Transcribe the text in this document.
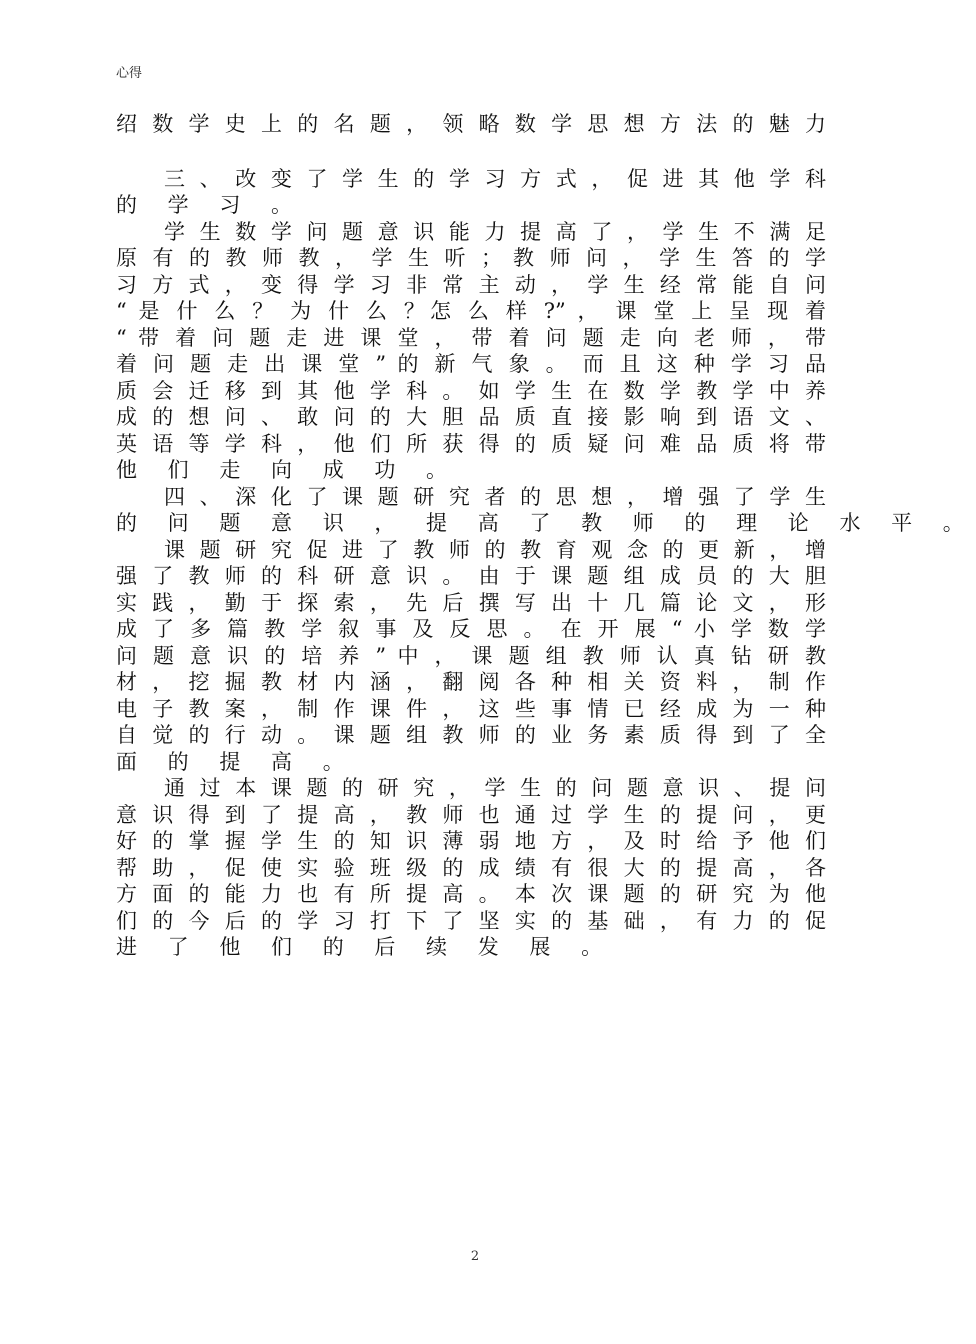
心得
绍 数 学 史 上 的 名 题 ， 领 略 数 学 思 想 方 法 的 魅 力
三 、 改 变 了 学 生 的 学 习 方 式 ， 促 进 其 他 学 科
的 学 习 。
学 生 数 学 问 题 意 识 能 力 提 高 了 ， 学 生 不 满 足
原 有 的 教 师 教 ， 学 生 听 ； 教 师 问 ， 学 生 答 的 学
习 方 式 ， 变 得 学 习 非 常 主 动 ， 学 生 经 常 能 自 问
“ 是 什 么 ？ 为 什 么 ？怎 么 样 ?” ， 课 堂 上 呈 现 着
“ 带 着 问 题 走 进 课 堂 ， 带 着 问 题 走 向 老 师 ， 带
着 问 题 走 出 课 堂 ” 的 新 气 象 。 而 且 这 种 学 习 品
质 会 迁 移 到 其 他 学 科 。 如 学 生 在 数 学 教 学 中 养
成 的 想 问 、 敢 问 的 大 胆 品 质 直 接 影 响 到 语 文 、
英 语 等 学 科 ， 他 们 所 获 得 的 质 疑 问 难 品 质 将 带
他 们 走 向 成 功 。
四 、 深 化 了 课 题 研 究 者 的 思 想 ， 增 强 了 学 生
的 问 题 意 识 ， 提 高 了 教 师 的 理 论 水 平 。
课 题 研 究 促 进 了 教 师 的 教 育 观 念 的 更 新 ， 增
强 了 教 师 的 科 研 意 识 。 由 于 课 题 组 成 员 的 大 胆
实 践 ， 勤 于 探 索 ， 先 后 撰 写 出 十 几 篇 论 文 ， 形
成 了 多 篇 教 学 叙 事 及 反 思 。 在 开 展 “ 小 学 数 学
问 题 意 识 的 培 养 ” 中 ， 课 题 组 教 师 认 真 钻 研 教
材 ， 挖 掘 教 材 内 涵 ， 翻 阅 各 种 相 关 资 料 ， 制 作
电 子 教 案 ， 制 作 课 件 ， 这 些 事 情 已 经 成 为 一 种
自 觉 的 行 动 。 课 题 组 教 师 的 业 务 素 质 得 到 了 全
面 的 提 高 。
通 过 本 课 题 的 研 究 ， 学 生 的 问 题 意 识 、 提 问
意 识 得 到 了 提 高 ， 教 师 也 通 过 学 生 的 提 问 ， 更
好 的 掌 握 学 生 的 知 识 薄 弱 地 方 ， 及 时 给 予 他 们
帮 助 ， 促 使 实 验 班 级 的 成 绩 有 很 大 的 提 高 ， 各
方 面 的 能 力 也 有 所 提 高 。 本 次 课 题 的 研 究 为 他
们 的 今 后 的 学 习 打 下 了 坚 实 的 基 础 ， 有 力 的 促
进 了 他 们 的 后 续 发 展 。
2
